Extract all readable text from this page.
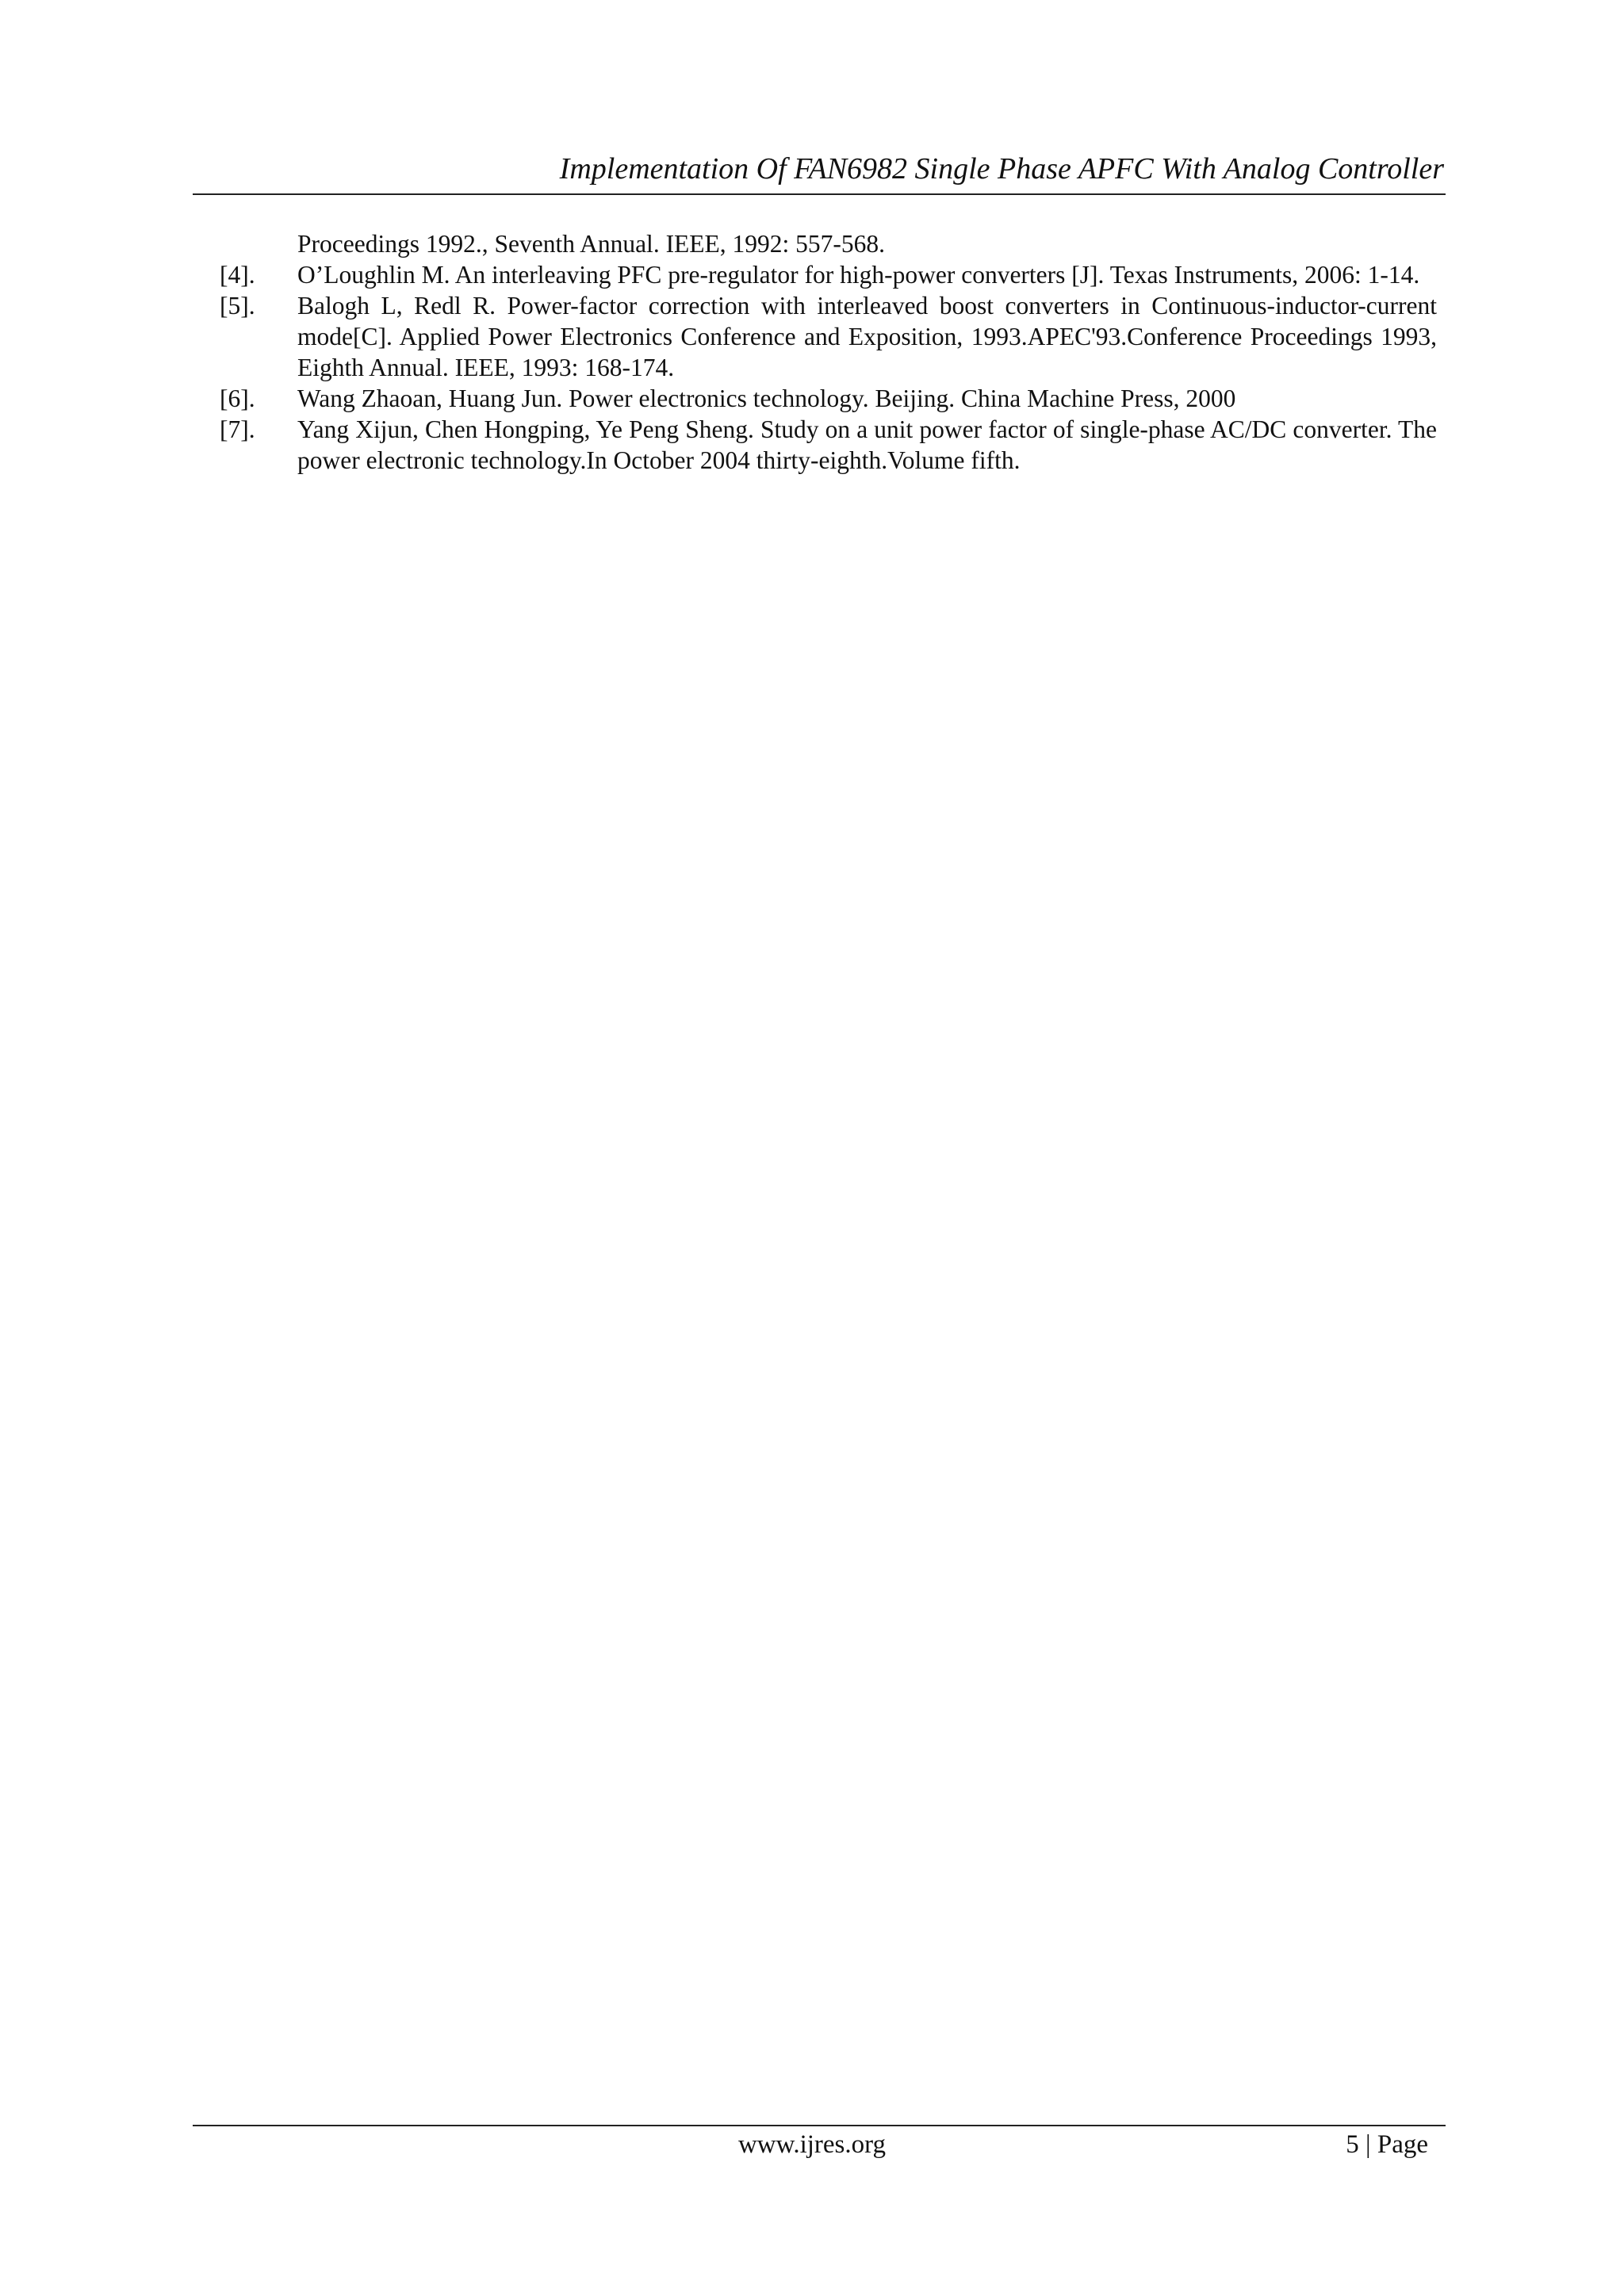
Implementation Of FAN6982 Single Phase APFC With Analog Controller
Proceedings 1992., Seventh Annual. IEEE, 1992: 557-568.
[4]. O’Loughlin M. An interleaving PFC pre-regulator for high-power converters [J]. Texas Instruments, 2006: 1-14.
[5]. Balogh L, Redl R. Power-factor correction with interleaved boost converters in Continuous-inductor-current mode[C]. Applied Power Electronics Conference and Exposition, 1993.APEC'93.Conference Proceedings 1993, Eighth Annual. IEEE, 1993: 168-174.
[6]. Wang Zhaoan, Huang Jun. Power electronics technology. Beijing. China Machine Press, 2000
[7]. Yang Xijun, Chen Hongping, Ye Peng Sheng. Study on a unit power factor of single-phase AC/DC converter. The power electronic technology.In October 2004 thirty-eighth.Volume fifth.
www.ijres.org	5 | Page
